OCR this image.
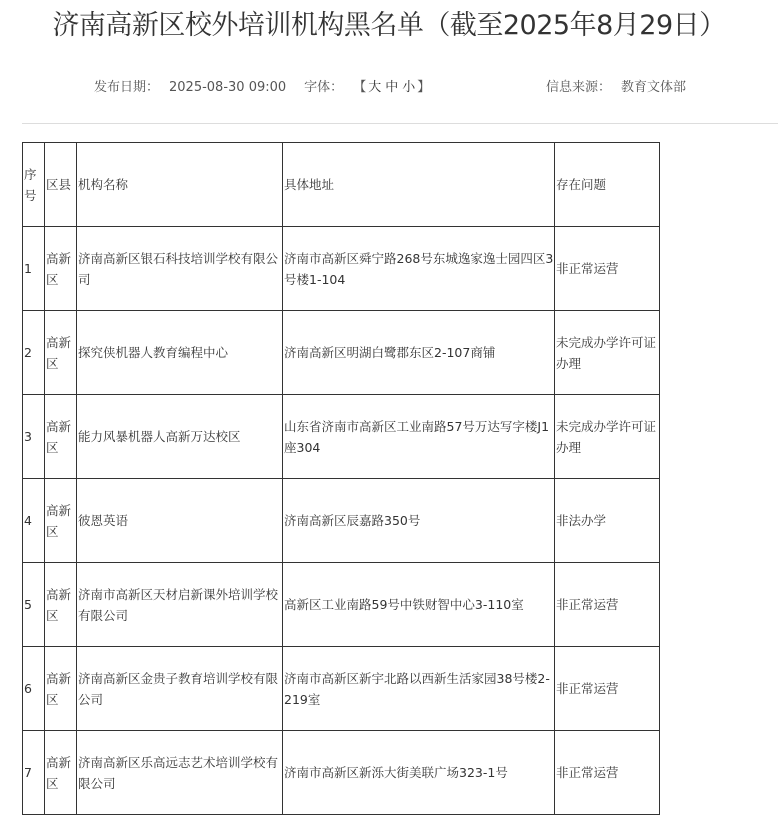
济南高新区校外培训机构黑名单（截至2025年8月29日）
发布日期： 2025-08-30 09:00 字体： 【 大 中 小 】	信息来源： 教育文体部
序号	区县	机构名称	具体地址	存在问题
1	高新区	济南高新区银石科技培训学校有限公司	济南市高新区舜宁路268号东城逸家逸士园四区3号楼1-104	非正常运营
2	高新区	探究侠机器人教育编程中心	济南高新区明湖白鹭郡东区2-107商铺	未完成办学许可证办理
3	高新区	能力风暴机器人高新万达校区	山东省济南市高新区工业南路57号万达写字楼J1座304	未完成办学许可证办理
4	高新区	彼恩英语	济南高新区辰嘉路350号	非法办学
5	高新区	济南市高新区天材启新课外培训学校有限公司	高新区工业南路59号中铁财智中心3-110室	非正常运营
6	高新区	济南高新区金贵子教育培训学校有限公司	济南市高新区新宇北路以西新生活家园38号楼2-219室	非正常运营
7	高新区	济南高新区乐高远志艺术培训学校有限公司	济南市高新区新泺大街美联广场323-1号	非正常运营
